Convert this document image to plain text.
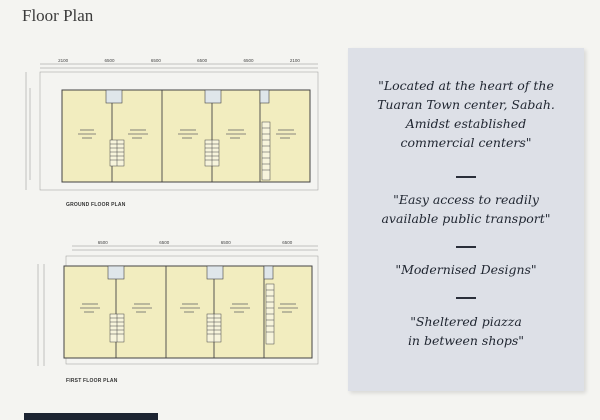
Floor Plan
2100	6500	6500	6500	6500	2100
6500	6500	6500	6500
GROUND FLOOR PLAN
FIRST FLOOR PLAN
"Located at the heart of the
Tuaran Town center, Sabah.
Amidst established
commercial centers"
"Easy access to readily
available public transport"
"Modernised Designs"
"Sheltered piazza
in between shops"
